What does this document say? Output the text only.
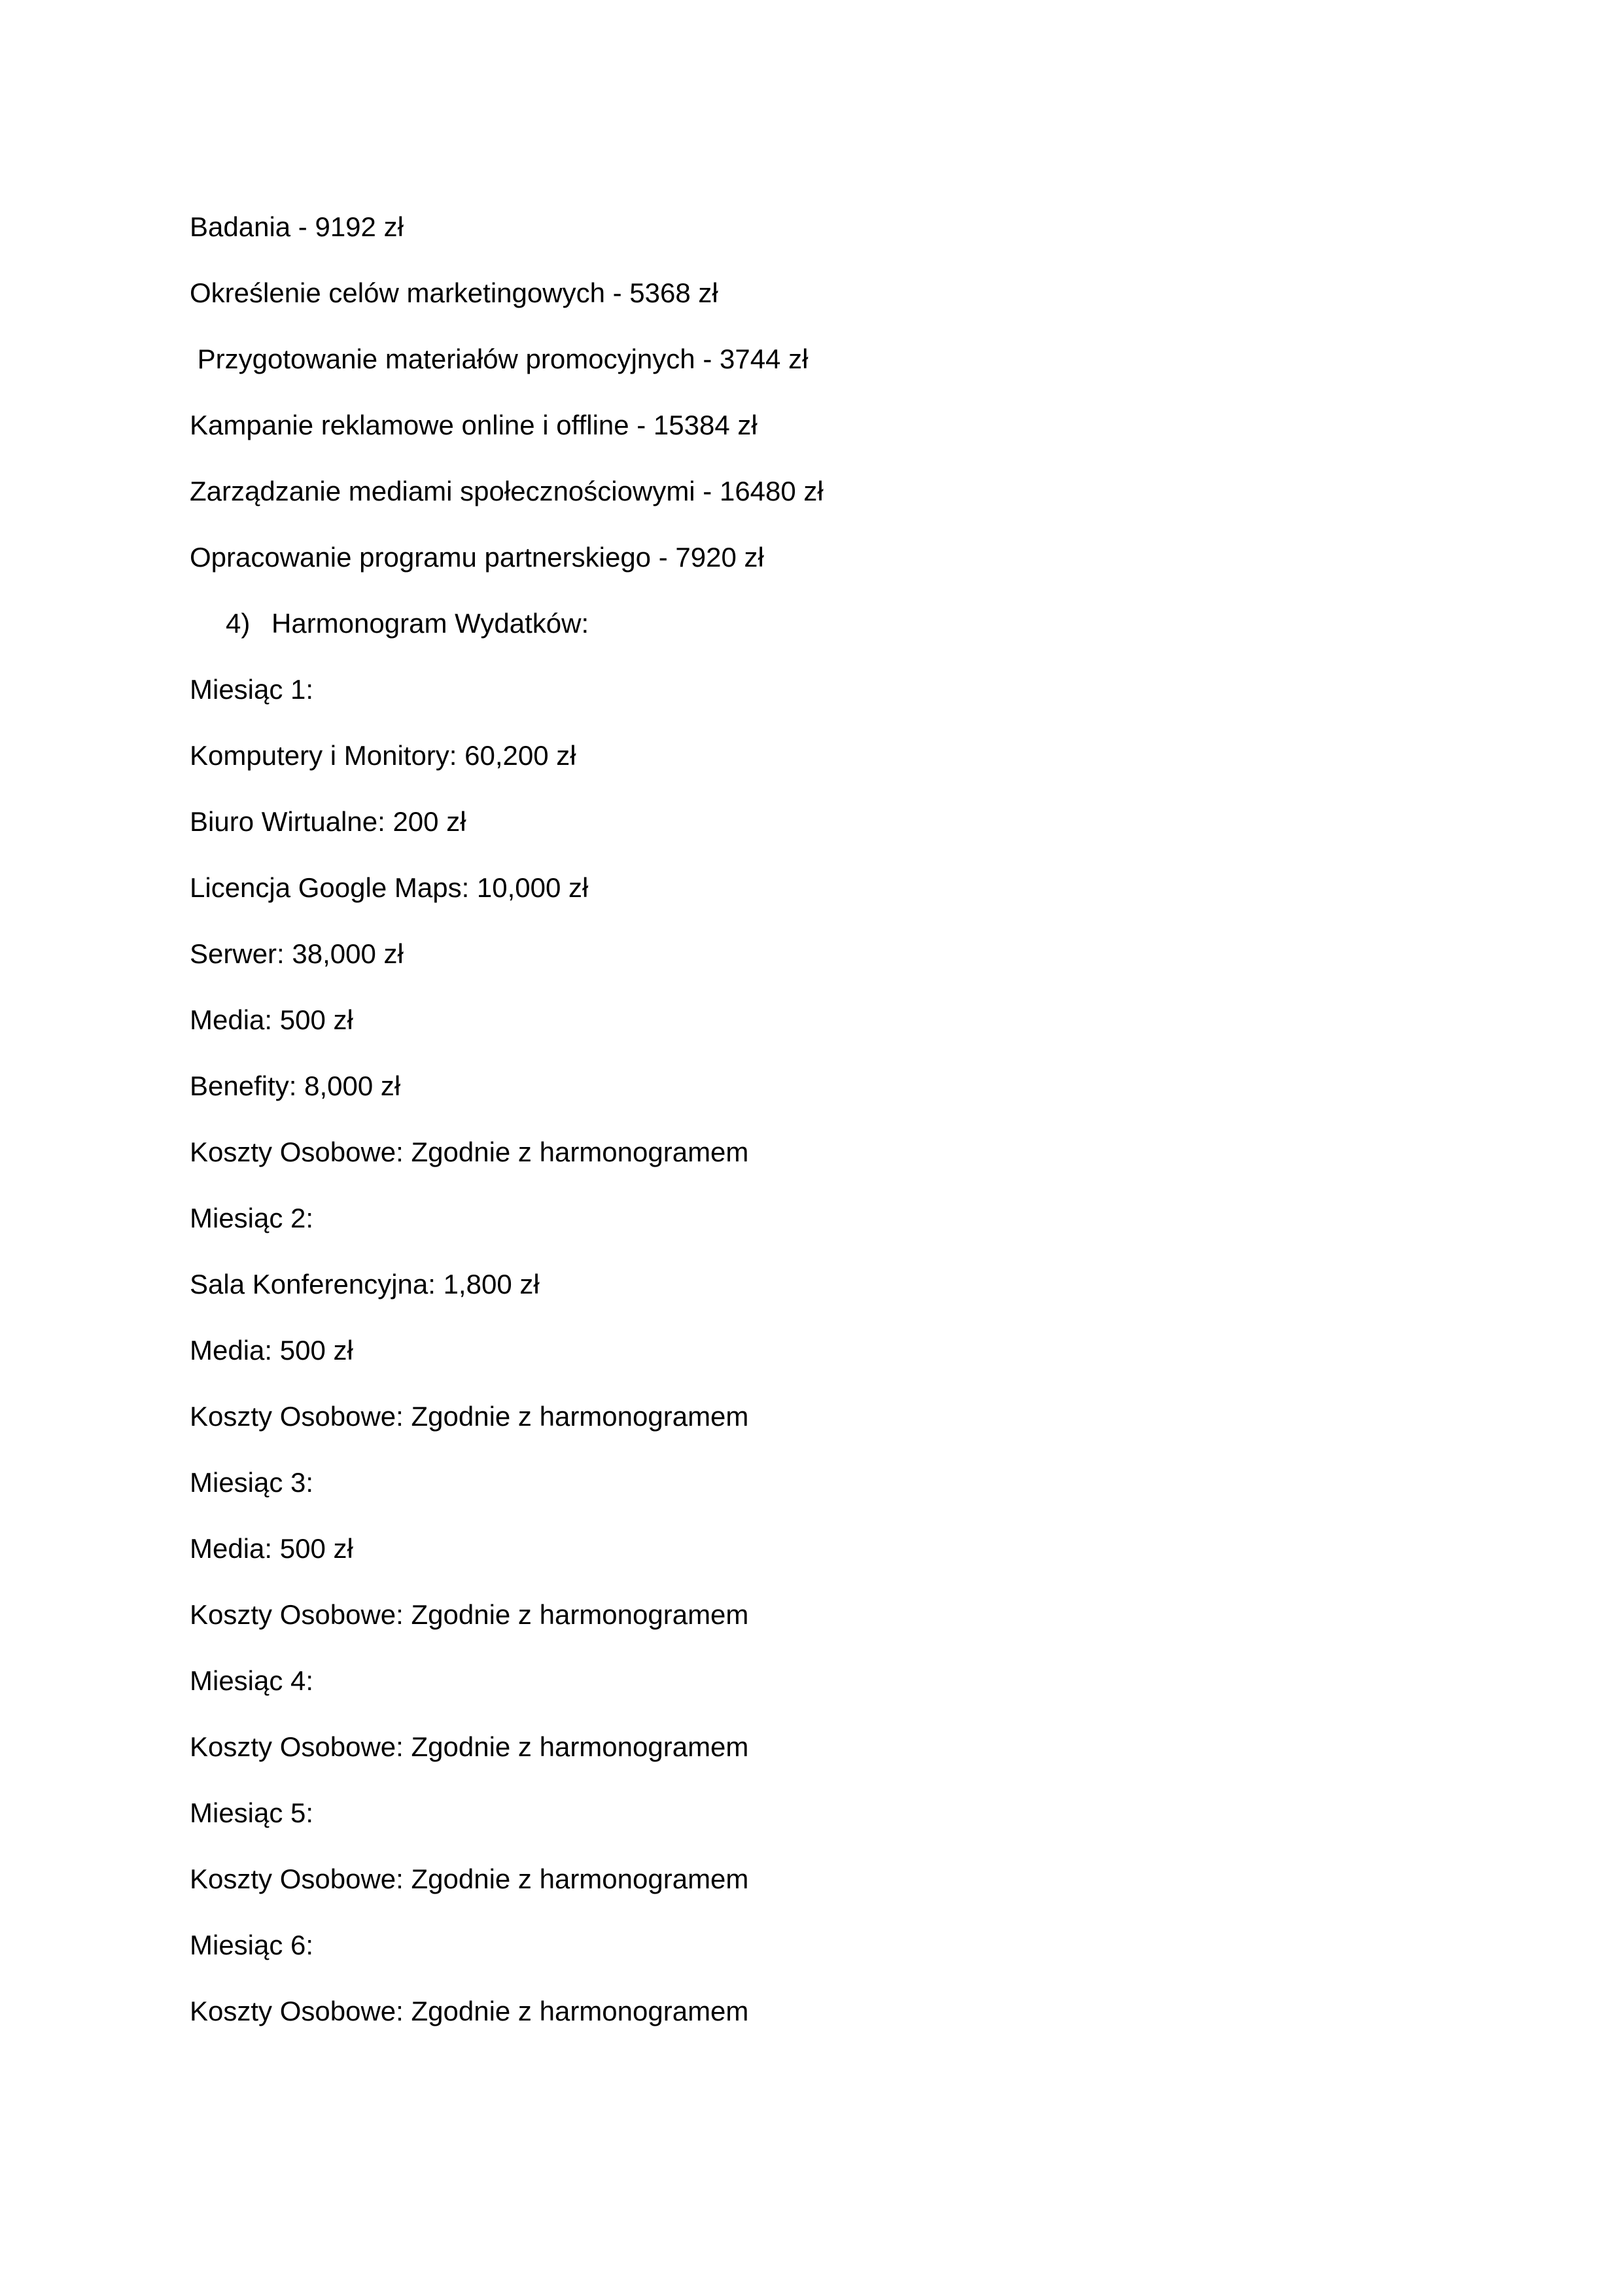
Badania - 9192 zł

Określenie celów marketingowych - 5368 zł

Przygotowanie materiałów promocyjnych - 3744 zł

Kampanie reklamowe online i offline - 15384 zł

Zarządzanie mediami społecznościowymi - 16480 zł

Opracowanie programu partnerskiego - 7920 zł

4) Harmonogram Wydatków:

Miesiąc 1:

Komputery i Monitory: 60,200 zł

Biuro Wirtualne: 200 zł

Licencja Google Maps: 10,000 zł

Serwer: 38,000 zł

Media: 500 zł

Benefity: 8,000 zł

Koszty Osobowe: Zgodnie z harmonogramem

Miesiąc 2:

Sala Konferencyjna: 1,800 zł

Media: 500 zł

Koszty Osobowe: Zgodnie z harmonogramem

Miesiąc 3:

Media: 500 zł

Koszty Osobowe: Zgodnie z harmonogramem

Miesiąc 4:

Koszty Osobowe: Zgodnie z harmonogramem

Miesiąc 5:

Koszty Osobowe: Zgodnie z harmonogramem

Miesiąc 6:

Koszty Osobowe: Zgodnie z harmonogramem
